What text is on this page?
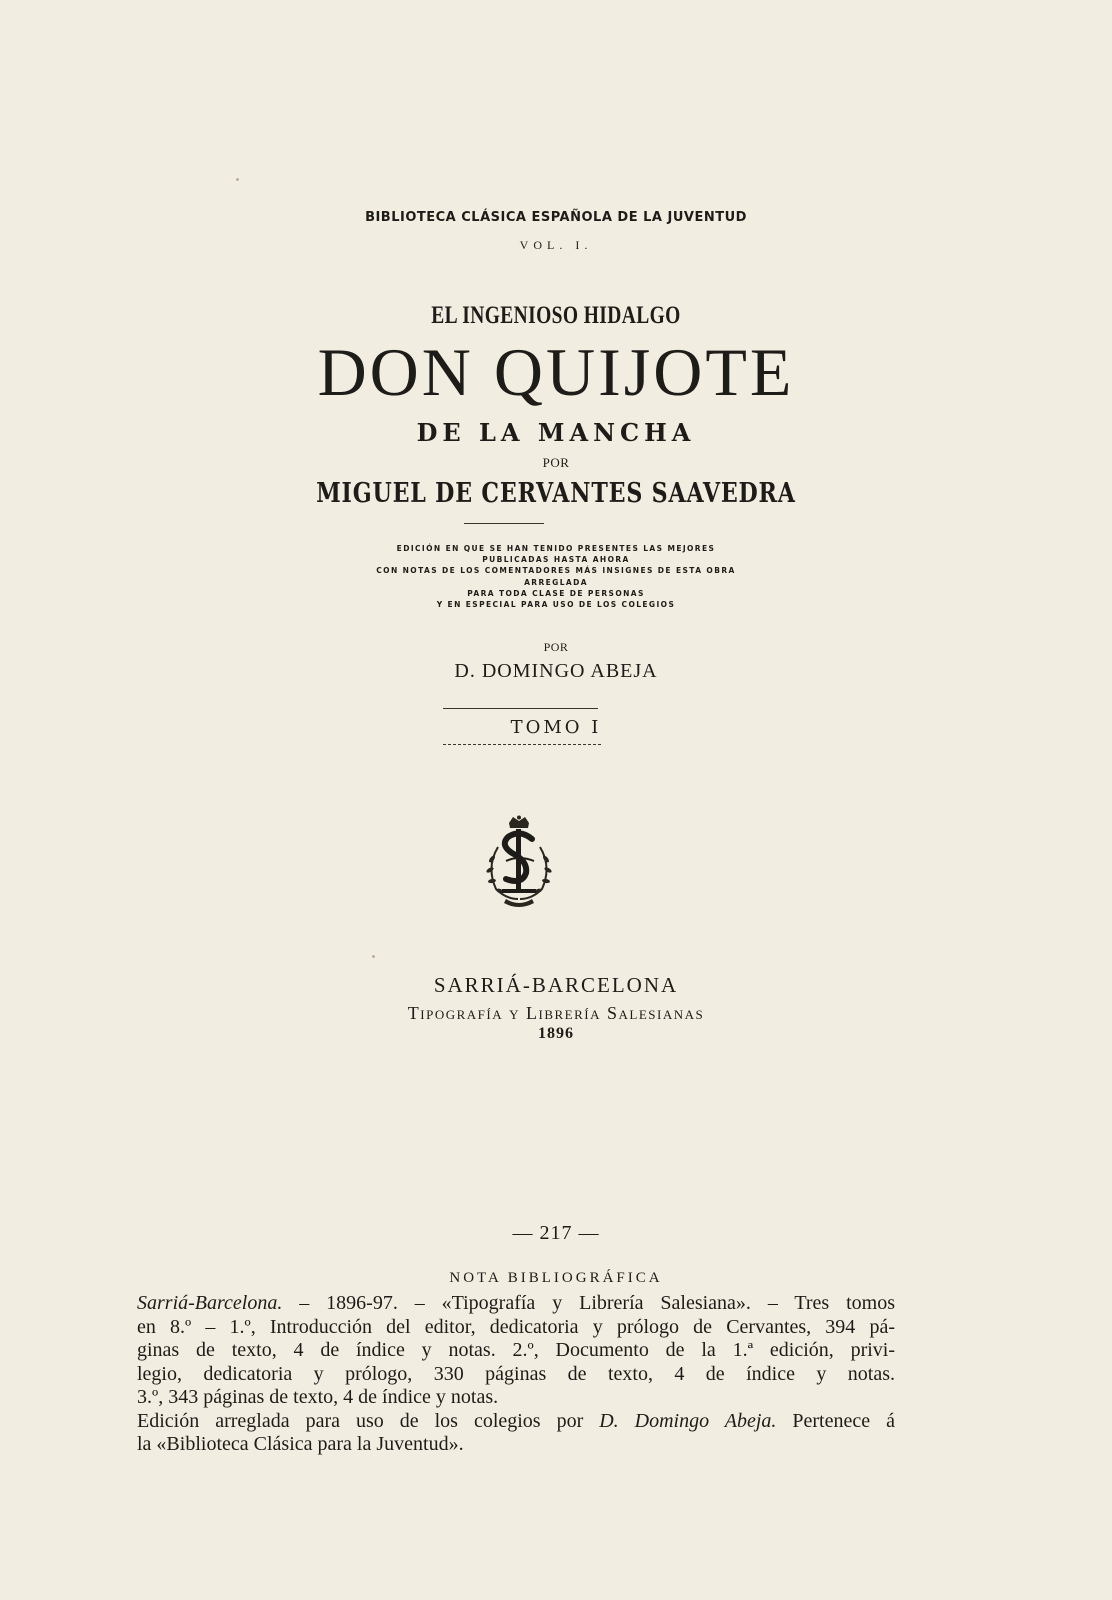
BIBLIOTECA CLÁSICA ESPAÑOLA DE LA JUVENTUD
VOL. I.
EL INGENIOSO HIDALGO
DON QUIJOTE
DE LA MANCHA
POR
MIGUEL DE CERVANTES SAAVEDRA
EDICIÓN EN QUE SE HAN TENIDO PRESENTES LAS MEJORES
PUBLICADAS HASTA AHORA
CON NOTAS DE LOS COMENTADORES MÁS INSIGNES DE ESTA OBRA
ARREGLADA
PARA TODA CLASE DE PERSONAS
Y EN ESPECIAL PARA USO DE LOS COLEGIOS
POR
D. DOMINGO ABEJA
TOMO I
SARRIÁ-BARCELONA
Tipografía y Librería Salesianas
1896
— 217 —
NOTA BIBLIOGRÁFICA
Sarriá-Barcelona. – 1896-97. – «Tipografía y Librería Salesiana». – Tres tomos
en 8.º – 1.º, Introducción del editor, dedicatoria y prólogo de Cervantes, 394 pá-
ginas de texto, 4 de índice y notas. 2.º, Documento de la 1.ª edición, privi-
legio, dedicatoria y prólogo, 330 páginas de texto, 4 de índice y notas.
3.º, 343 páginas de texto, 4 de índice y notas.
Edición arreglada para uso de los colegios por D. Domingo Abeja. Pertenece á
la «Biblioteca Clásica para la Juventud».
